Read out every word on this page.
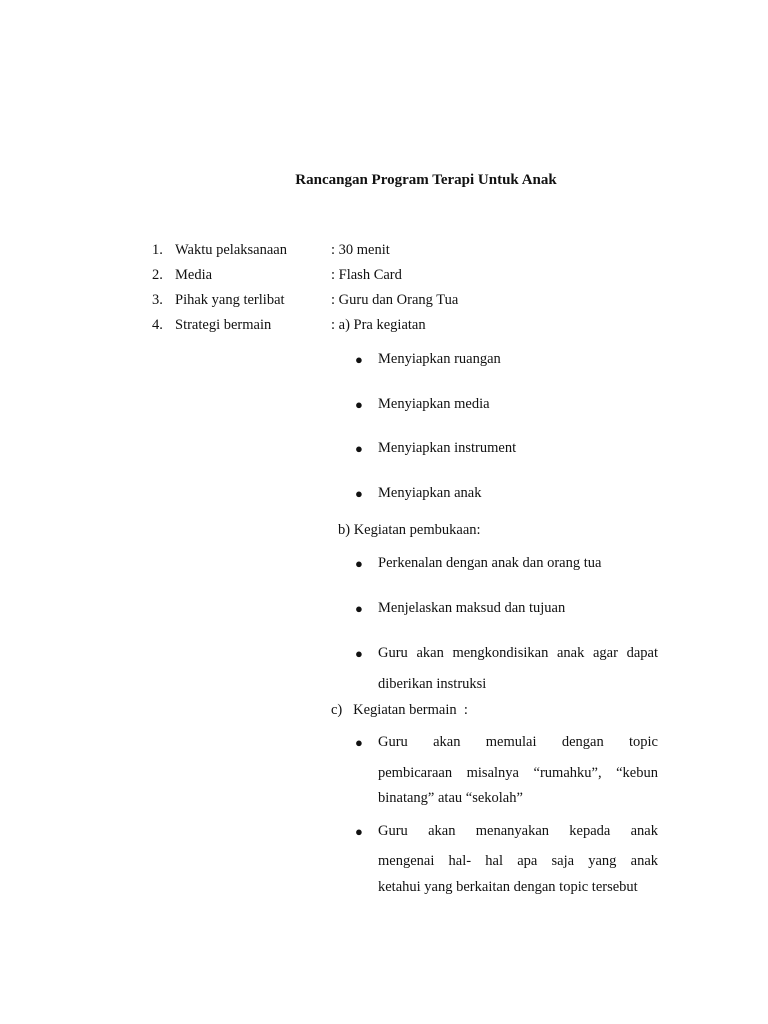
Rancangan Program Terapi Untuk Anak
1. Waktu pelaksanaan	: 30 menit
2. Media	: Flash Card
3. Pihak yang terlibat	: Guru dan Orang Tua
4. Strategi bermain	: a) Pra kegiatan
● Menyiapkan ruangan
● Menyiapkan media
● Menyiapkan instrument
● Menyiapkan anak
b) Kegiatan pembukaan:
● Perkenalan dengan anak dan orang tua
● Menjelaskan maksud dan tujuan
● Guru akan mengkondisikan anak agar dapat
diberikan instruksi
c)   Kegiatan bermain  :
● Guru akan memulai dengan topic
pembicaraan misalnya “rumahku”, “kebun
binatang” atau “sekolah”
● Guru akan menanyakan kepada anak
mengenai hal- hal apa saja yang anak
ketahui yang berkaitan dengan topic tersebut
